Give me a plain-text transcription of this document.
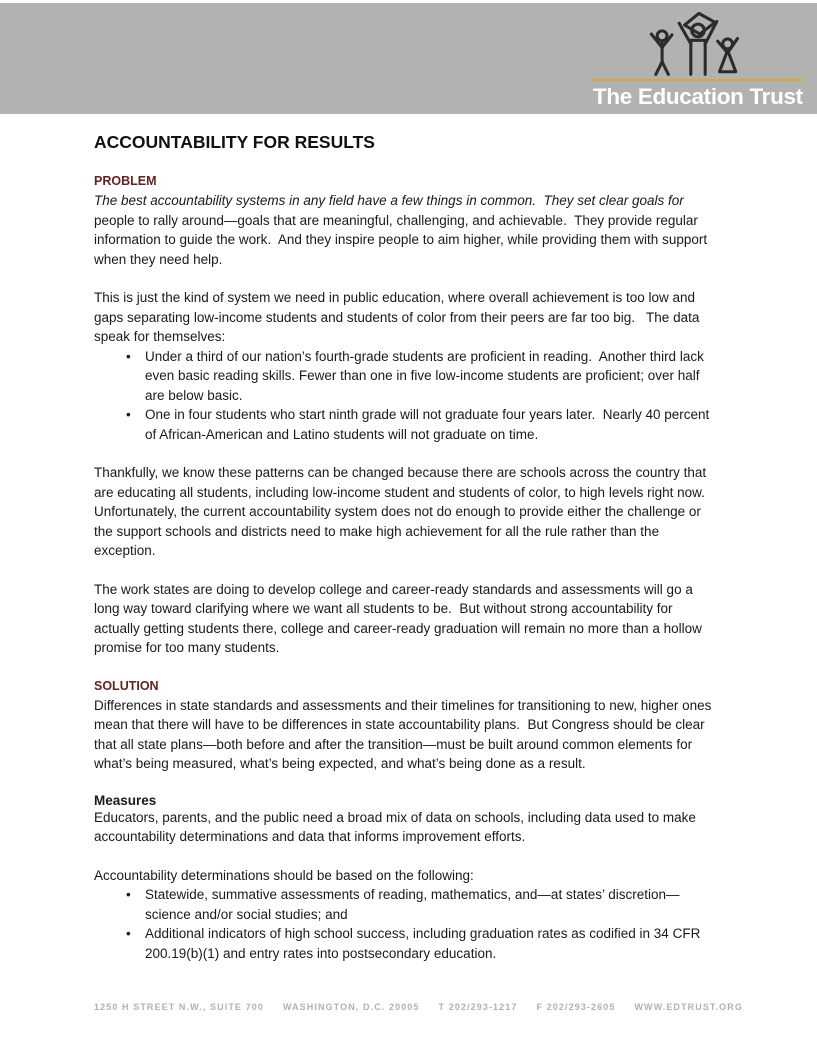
The Education Trust
ACCOUNTABILITY FOR RESULTS
PROBLEM

The best accountability systems in any field have a few things in common.  They set clear goals for people to rally around—goals that are meaningful, challenging, and achievable.  They provide regular information to guide the work.  And they inspire people to aim higher, while providing them with support when they need help.

This is just the kind of system we need in public education, where overall achievement is too low and gaps separating low-income students and students of color from their peers are far too big.   The data speak for themselves:

• Under a third of our nation’s fourth-grade students are proficient in reading.  Another third lack even basic reading skills. Fewer than one in five low-income students are proficient; over half are below basic.
• One in four students who start ninth grade will not graduate four years later.  Nearly 40 percent of African-American and Latino students will not graduate on time.

Thankfully, we know these patterns can be changed because there are schools across the country that are educating all students, including low-income student and students of color, to high levels right now. Unfortunately, the current accountability system does not do enough to provide either the challenge or the support schools and districts need to make high achievement for all the rule rather than the exception.

The work states are doing to develop college and career-ready standards and assessments will go a long way toward clarifying where we want all students to be.  But without strong accountability for actually getting students there, college and career-ready graduation will remain no more than a hollow promise for too many students.

SOLUTION

Differences in state standards and assessments and their timelines for transitioning to new, higher ones mean that there will have to be differences in state accountability plans.  But Congress should be clear that all state plans—both before and after the transition—must be built around common elements for what’s being measured, what’s being expected, and what’s being done as a result.

Measures

Educators, parents, and the public need a broad mix of data on schools, including data used to make accountability determinations and data that informs improvement efforts.

Accountability determinations should be based on the following:

• Statewide, summative assessments of reading, mathematics, and—at states’ discretion—science and/or social studies; and
• Additional indicators of high school success, including graduation rates as codified in 34 CFR 200.19(b)(1) and entry rates into postsecondary education.
1250 H STREET N.W., SUITE 700 WASHINGTON, D.C. 20005 T 202/293-1217 F 202/293-2605 WWW.EDTRUST.ORG
